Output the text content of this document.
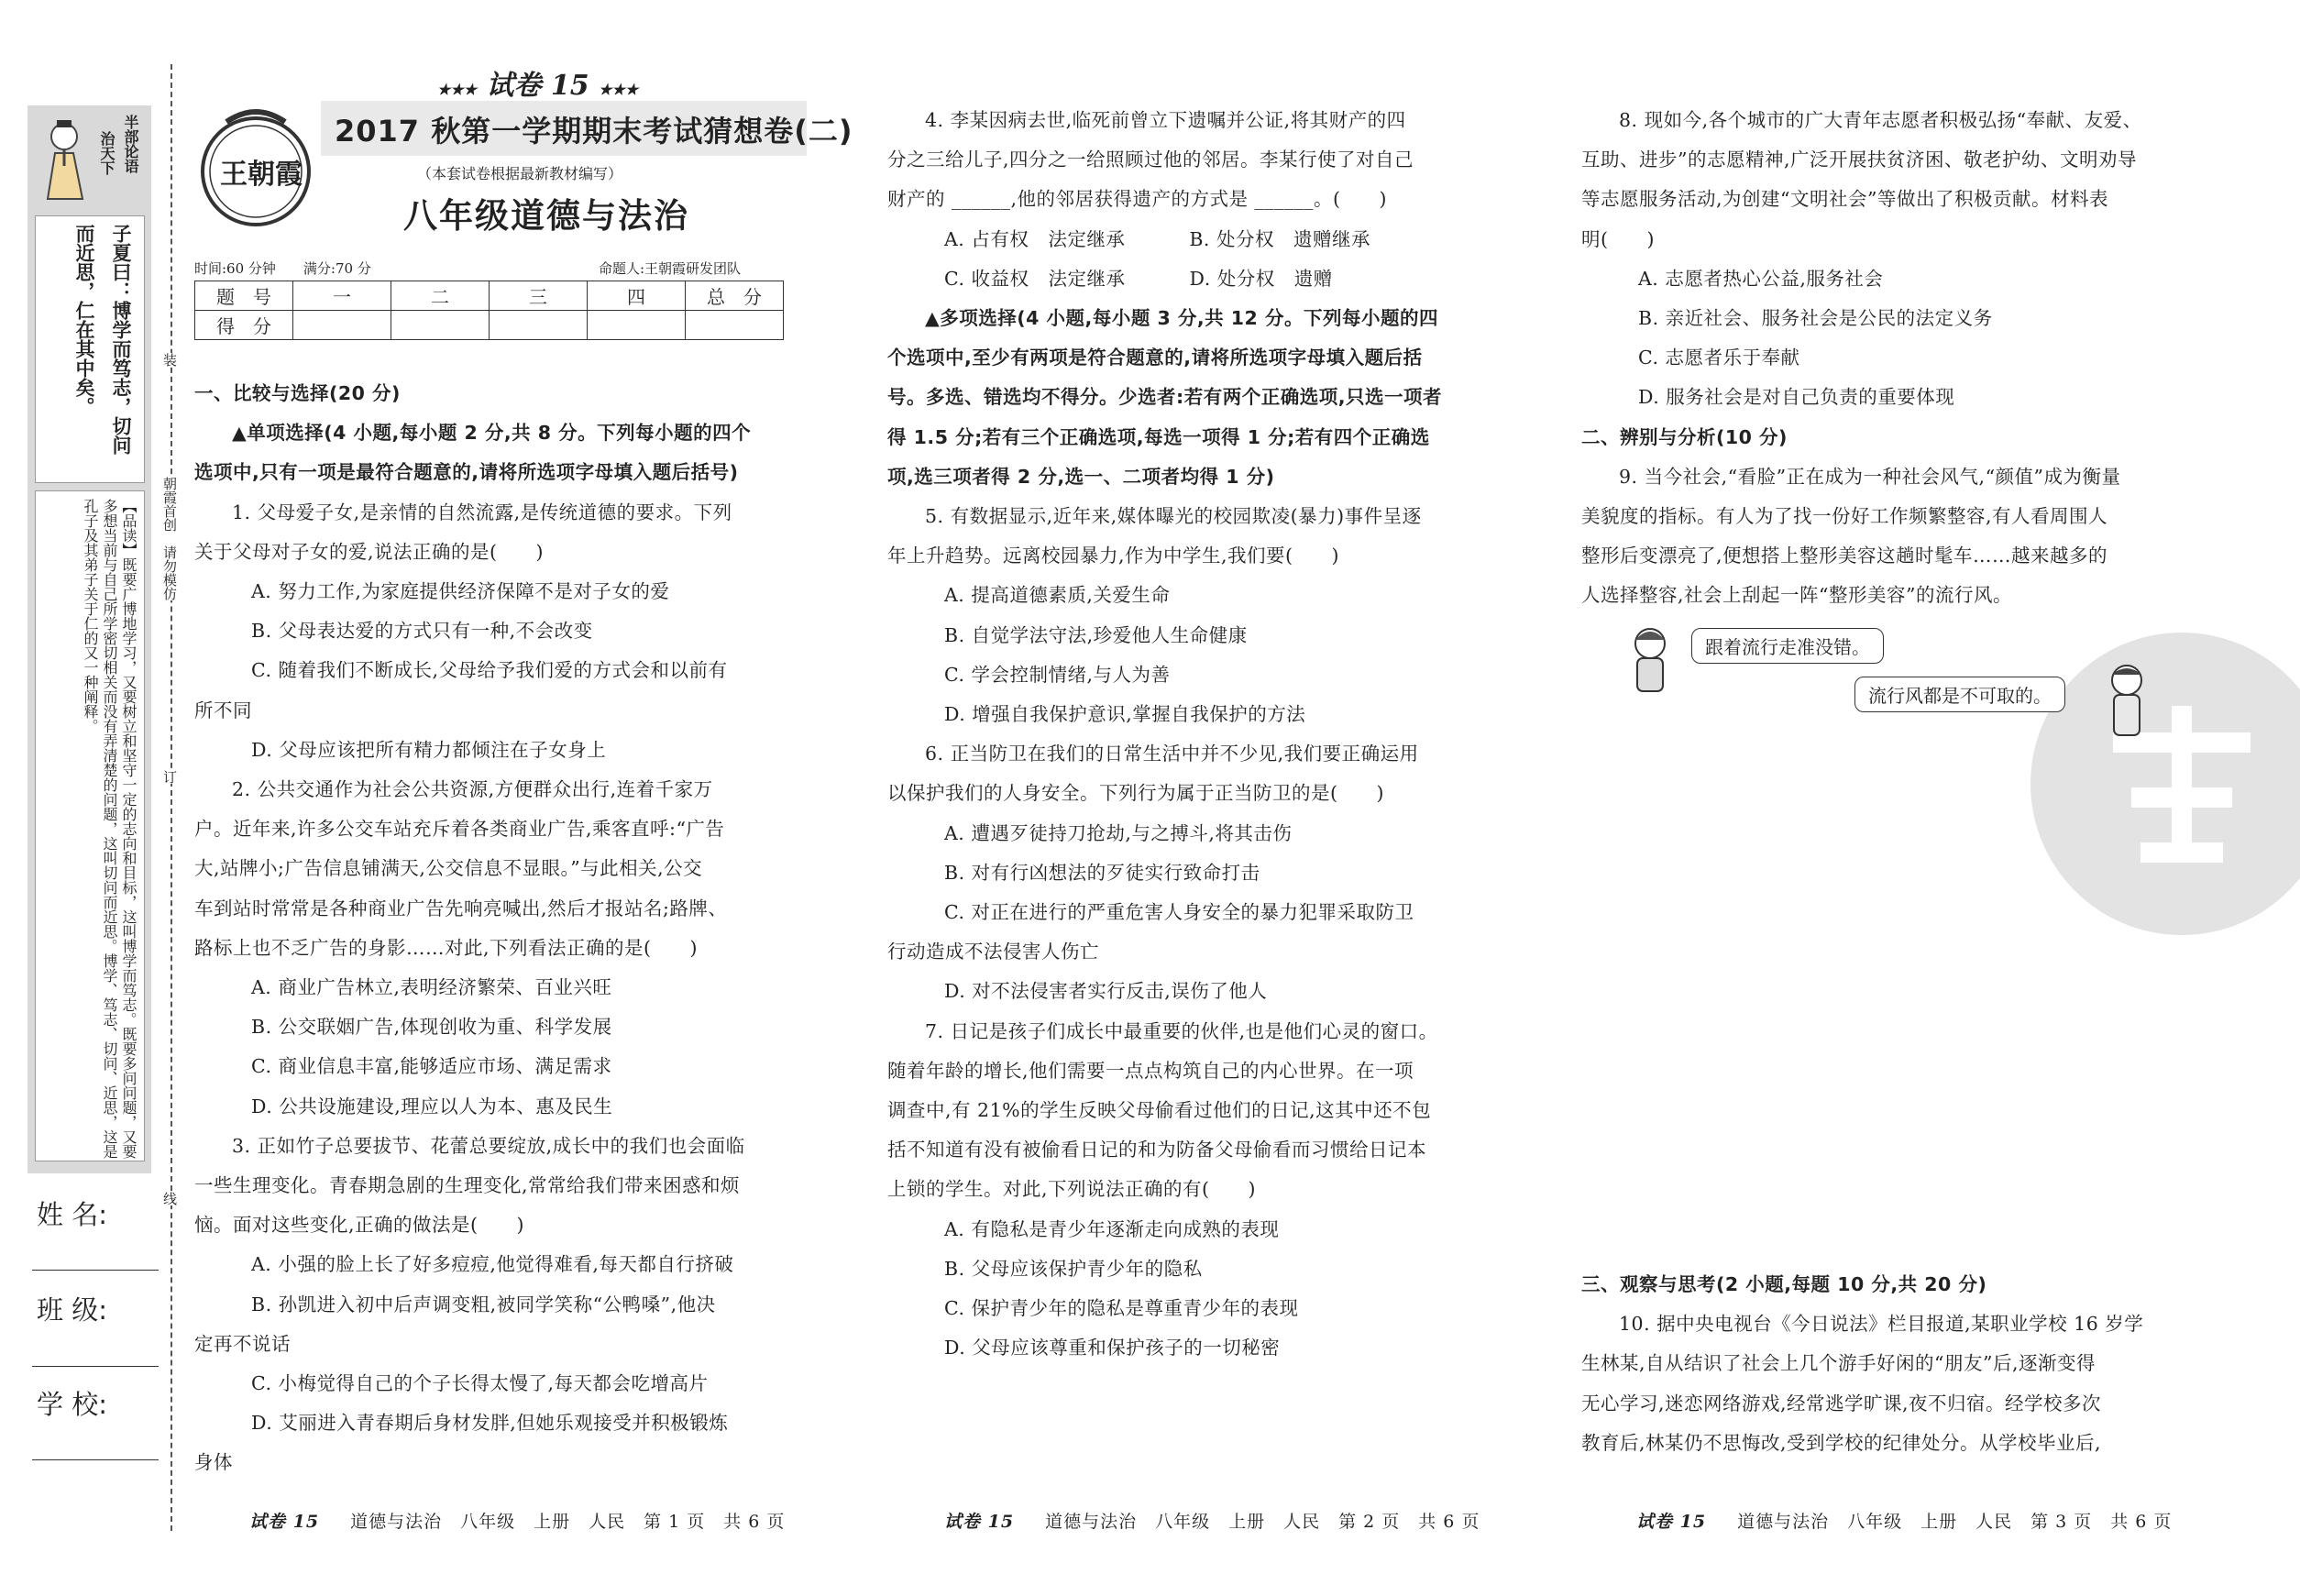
半部论语
治天下
子夏曰：博学而笃志，切问
而近思，仁在其中矣。
【品读】既要广博地学习，又要树立和坚守一定的志向和目标，这叫博学而笃志。既要多问问题，又要多想当前与自己所学密切相关而没有弄清楚的问题，这叫切问而近思。博学、笃志、切问、近思，这是孔子及其弟子关于仁的又一种阐释。
姓 名:
班 级:
学 校:
装
朝霞首创　请勿模仿
订
线
王朝霞
★★★ 试卷 15 ★★★
2017 秋第一学期期末考试猜想卷(二)
（本套试卷根据最新教材编写）
八年级道德与法治
时间:60 分钟　　满分:70 分	命题人:王朝霞研发团队
题　号	一	二	三	四	总　分
得　分					

一、比较与选择(20 分)

▲单项选择(4 小题,每小题 2 分,共 8 分。下列每小题的四个

选项中,只有一项是最符合题意的,请将所选项字母填入题后括号)

1. 父母爱子女,是亲情的自然流露,是传统道德的要求。下列

关于父母对子女的爱,说法正确的是(　　)

A. 努力工作,为家庭提供经济保障不是对子女的爱

B. 父母表达爱的方式只有一种,不会改变

C. 随着我们不断成长,父母给予我们爱的方式会和以前有

所不同

D. 父母应该把所有精力都倾注在子女身上

2. 公共交通作为社会公共资源,方便群众出行,连着千家万

户。近年来,许多公交车站充斥着各类商业广告,乘客直呼:“广告

大,站牌小;广告信息铺满天,公交信息不显眼。”与此相关,公交

车到站时常常是各种商业广告先响亮喊出,然后才报站名;路牌、

路标上也不乏广告的身影……对此,下列看法正确的是(　　)

A. 商业广告林立,表明经济繁荣、百业兴旺

B. 公交联姻广告,体现创收为重、科学发展

C. 商业信息丰富,能够适应市场、满足需求

D. 公共设施建设,理应以人为本、惠及民生

3. 正如竹子总要拔节、花蕾总要绽放,成长中的我们也会面临

一些生理变化。青春期急剧的生理变化,常常给我们带来困惑和烦

恼。面对这些变化,正确的做法是(　　)

A. 小强的脸上长了好多痘痘,他觉得难看,每天都自行挤破

B. 孙凯进入初中后声调变粗,被同学笑称“公鸭嗓”,他决

定再不说话

C. 小梅觉得自己的个子长得太慢了,每天都会吃增高片

D. 艾丽进入青春期后身材发胖,但她乐观接受并积极锻炼

身体

4. 李某因病去世,临死前曾立下遗嘱并公证,将其财产的四

分之三给儿子,四分之一给照顾过他的邻居。李某行使了对自己

财产的 ______,他的邻居获得遗产的方式是 ______。(　　)

A. 占有权　法定继承　　　 B. 处分权　遗赠继承

C. 收益权　法定继承　　　 D. 处分权　遗赠

▲多项选择(4 小题,每小题 3 分,共 12 分。下列每小题的四

个选项中,至少有两项是符合题意的,请将所选项字母填入题后括

号。多选、错选均不得分。少选者:若有两个正确选项,只选一项者

得 1.5 分;若有三个正确选项,每选一项得 1 分;若有四个正确选

项,选三项者得 2 分,选一、二项者均得 1 分)

5. 有数据显示,近年来,媒体曝光的校园欺凌(暴力)事件呈逐

年上升趋势。远离校园暴力,作为中学生,我们要(　　)

A. 提高道德素质,关爱生命

B. 自觉学法守法,珍爱他人生命健康

C. 学会控制情绪,与人为善

D. 增强自我保护意识,掌握自我保护的方法

6. 正当防卫在我们的日常生活中并不少见,我们要正确运用

以保护我们的人身安全。下列行为属于正当防卫的是(　　)

A. 遭遇歹徒持刀抢劫,与之搏斗,将其击伤

B. 对有行凶想法的歹徒实行致命打击

C. 对正在进行的严重危害人身安全的暴力犯罪采取防卫

行动造成不法侵害人伤亡

D. 对不法侵害者实行反击,误伤了他人

7. 日记是孩子们成长中最重要的伙伴,也是他们心灵的窗口。

随着年龄的增长,他们需要一点点构筑自己的内心世界。在一项

调查中,有 21%的学生反映父母偷看过他们的日记,这其中还不包

括不知道有没有被偷看日记的和为防备父母偷看而习惯给日记本

上锁的学生。对此,下列说法正确的有(　　)

A. 有隐私是青少年逐渐走向成熟的表现

B. 父母应该保护青少年的隐私

C. 保护青少年的隐私是尊重青少年的表现

D. 父母应该尊重和保护孩子的一切秘密

8. 现如今,各个城市的广大青年志愿者积极弘扬“奉献、友爱、

互助、进步”的志愿精神,广泛开展扶贫济困、敬老护幼、文明劝导

等志愿服务活动,为创建“文明社会”等做出了积极贡献。材料表

明(　　)

A. 志愿者热心公益,服务社会

B. 亲近社会、服务社会是公民的法定义务

C. 志愿者乐于奉献

D. 服务社会是对自己负责的重要体现

二、辨别与分析(10 分)

9. 当今社会,“看脸”正在成为一种社会风气,“颜值”成为衡量

美貌度的指标。有人为了找一份好工作频繁整容,有人看周围人

整形后变漂亮了,便想搭上整形美容这趟时髦车……越来越多的

人选择整容,社会上刮起一阵“整形美容”的流行风。

三、观察与思考(2 小题,每题 10 分,共 20 分)

10. 据中央电视台《今日说法》栏目报道,某职业学校 16 岁学

生林某,自从结识了社会上几个游手好闲的“朋友”后,逐渐变得

无心学习,迷恋网络游戏,经常逃学旷课,夜不归宿。经学校多次

教育后,林某仍不思悔改,受到学校的纪律处分。从学校毕业后,

跟着流行走准没错。
流行风都是不可取的。
试卷 15 道德与法治　八年级　上册　人民　第 1 页　共 6 页	试卷 15 道德与法治　八年级　上册　人民　第 2 页　共 6 页	试卷 15 道德与法治　八年级　上册　人民　第 3 页　共 6 页
